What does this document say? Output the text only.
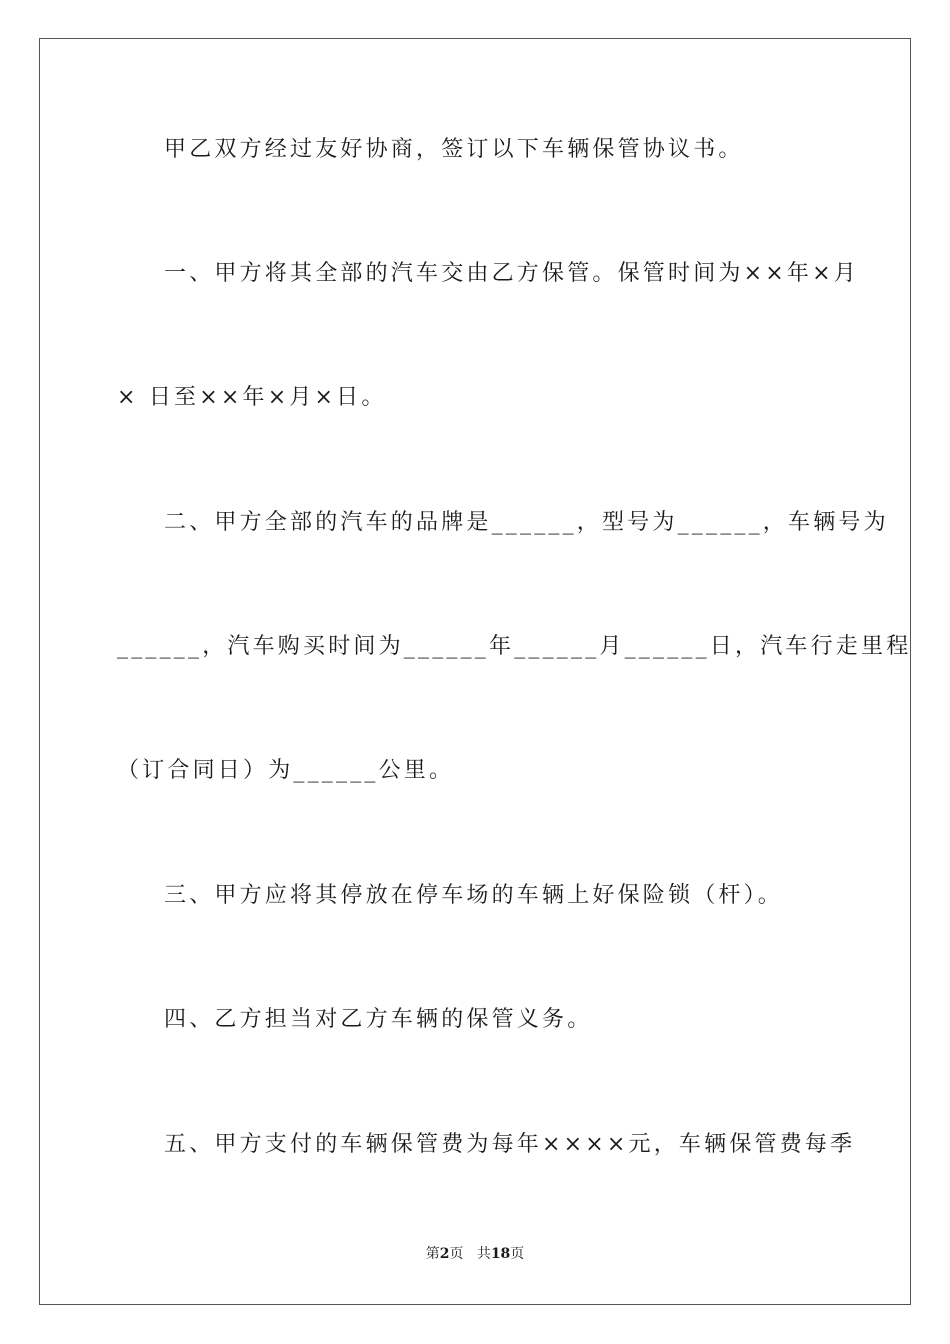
甲乙双方经过友好协商，签订以下车辆保管协议书。
一、甲方将其全部的汽车交由乙方保管。保管时间为××年×月
× 日至××年×月×日。
二、甲方全部的汽车的品牌是______，型号为______，车辆号为
______，汽车购买时间为______年______月______日，汽车行走里程
（订合同日）为______公里。
三、甲方应将其停放在停车场的车辆上好保险锁（杆）。
四、乙方担当对乙方车辆的保管义务。
五、甲方支付的车辆保管费为每年××××元，车辆保管费每季
第2页 共18页
